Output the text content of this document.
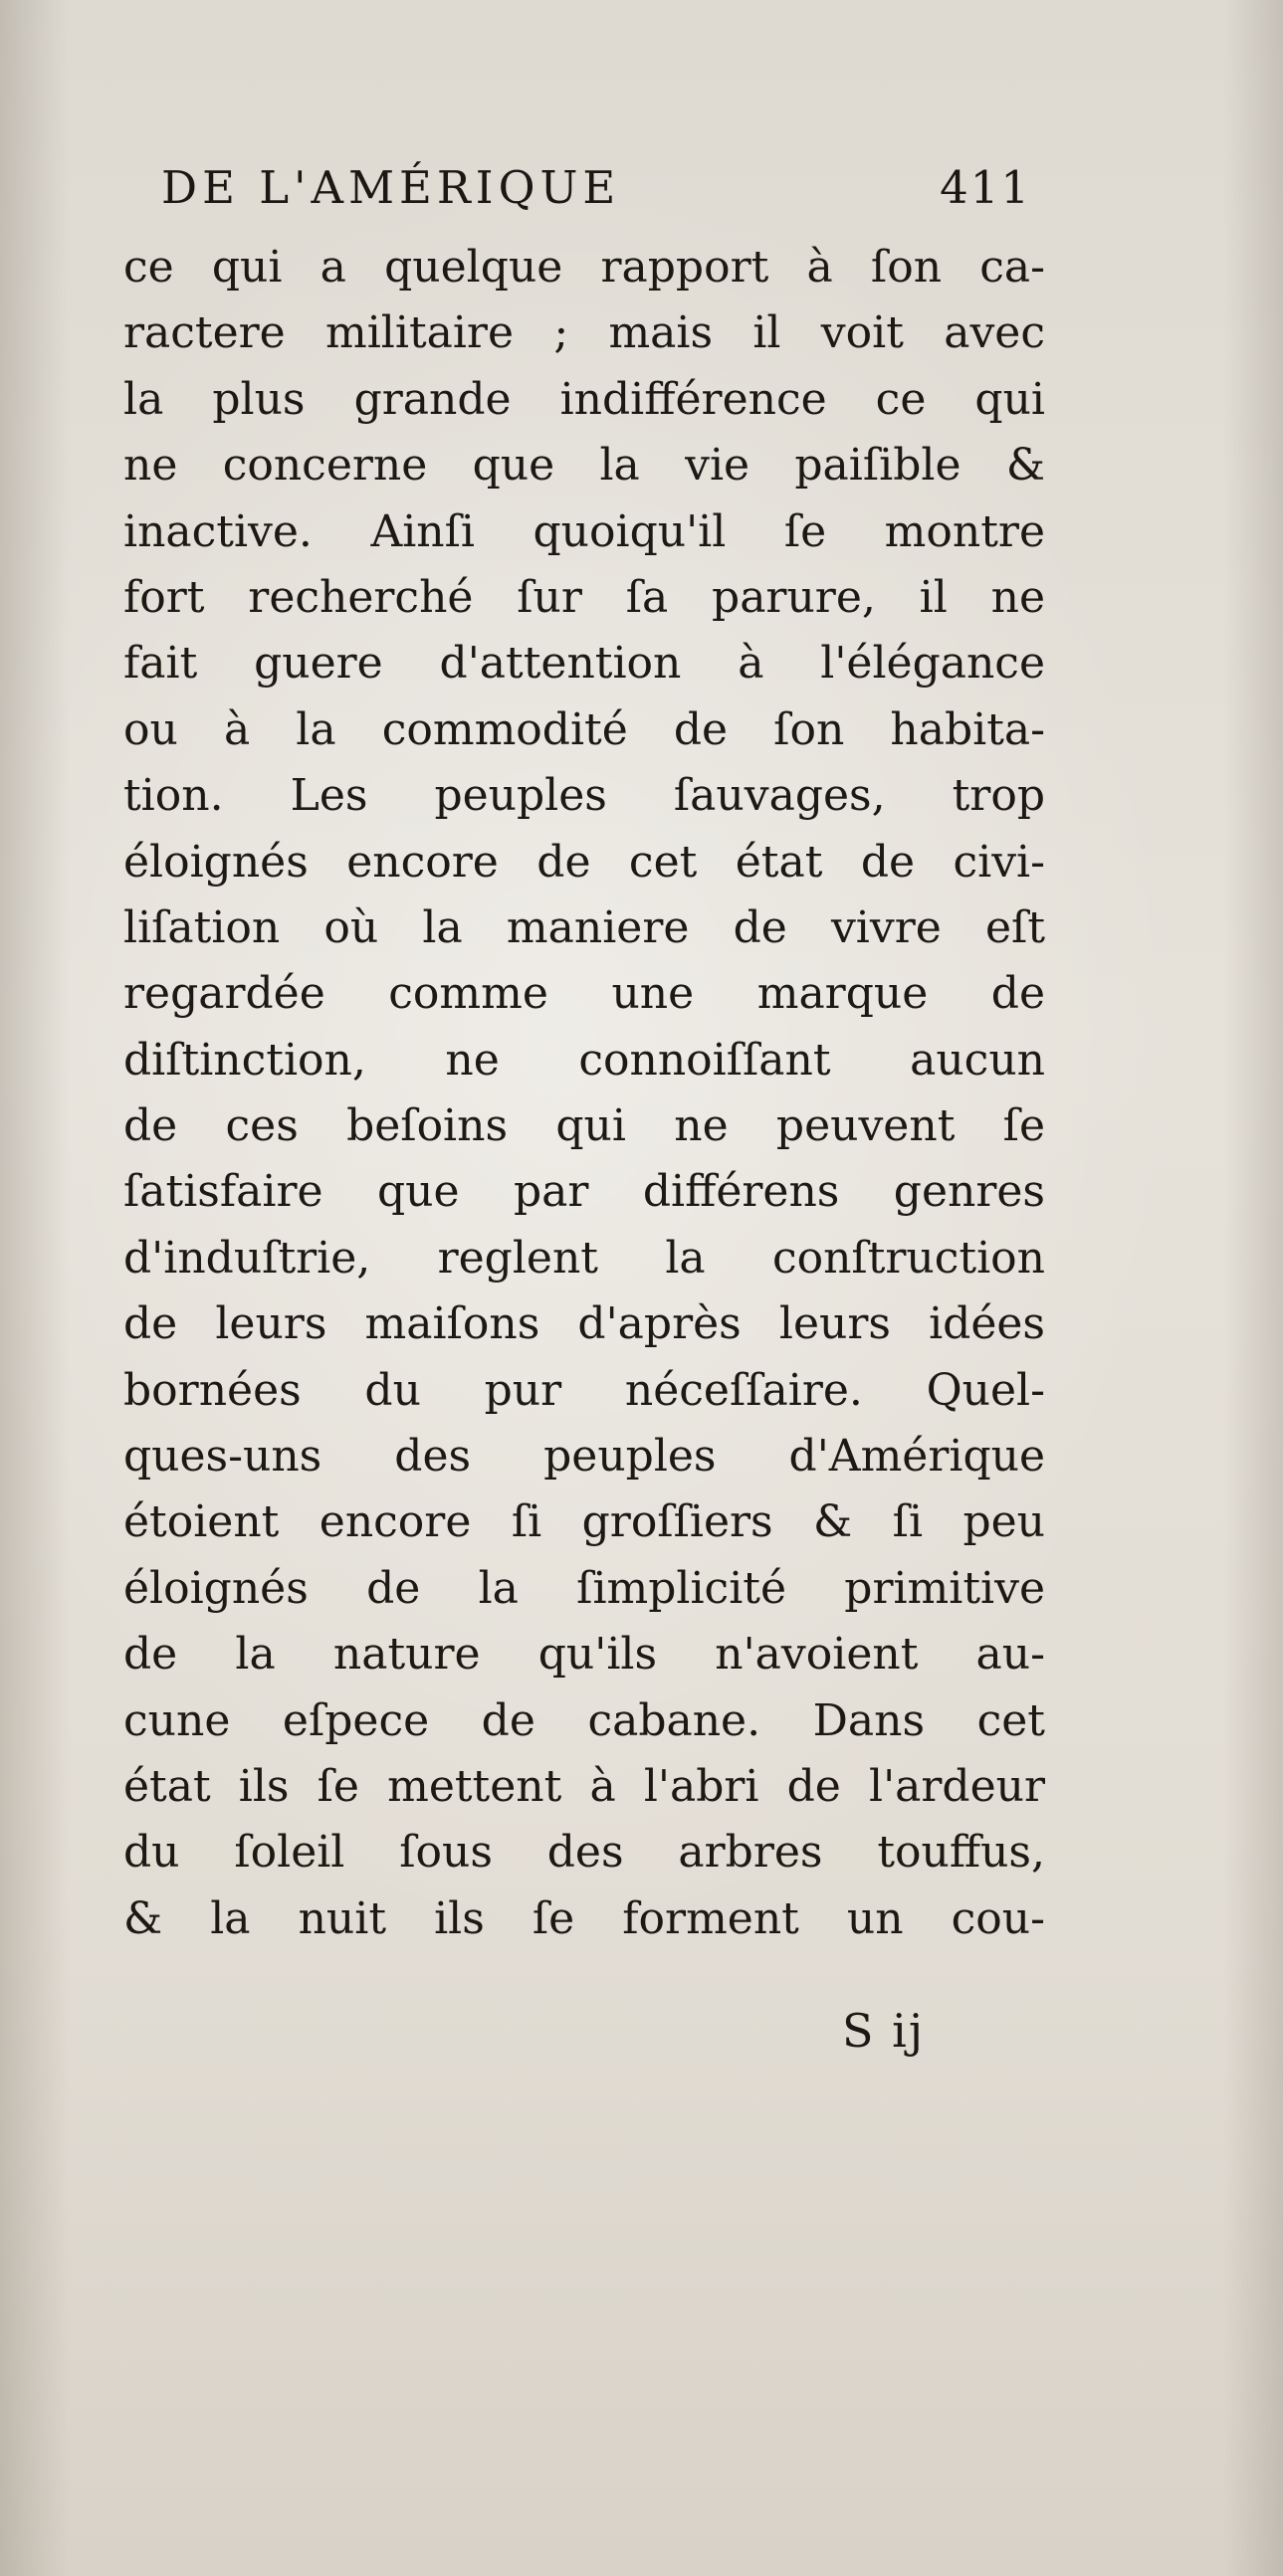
DE L'AMÉRIQUE	411
ce qui a quelque rapport à ſon ca-
ractere militaire ; mais il voit avec
la plus grande indifférence ce qui
ne concerne que la vie paiſible &
inactive. Ainſi quoiqu'il ſe montre
fort recherché ſur ſa parure, il ne
fait guere d'attention à l'élégance
ou à la commodité de ſon habita-
tion. Les peuples ſauvages, trop
éloignés encore de cet état de civi-
liſation où la maniere de vivre eſt
regardée comme une marque de
diſtinction, ne connoiſſant aucun
de ces beſoins qui ne peuvent ſe
ſatisfaire que par différens genres
d'induſtrie, reglent la conſtruction
de leurs maiſons d'après leurs idées
bornées du pur néceſſaire. Quel-
ques-uns des peuples d'Amérique
étoient encore ſi groſſiers & ſi peu
éloignés de la ſimplicité primitive
de la nature qu'ils n'avoient au-
cune eſpece de cabane. Dans cet
état ils ſe mettent à l'abri de l'ardeur
du ſoleil ſous des arbres touffus,
& la nuit ils ſe forment un cou-
S ij
